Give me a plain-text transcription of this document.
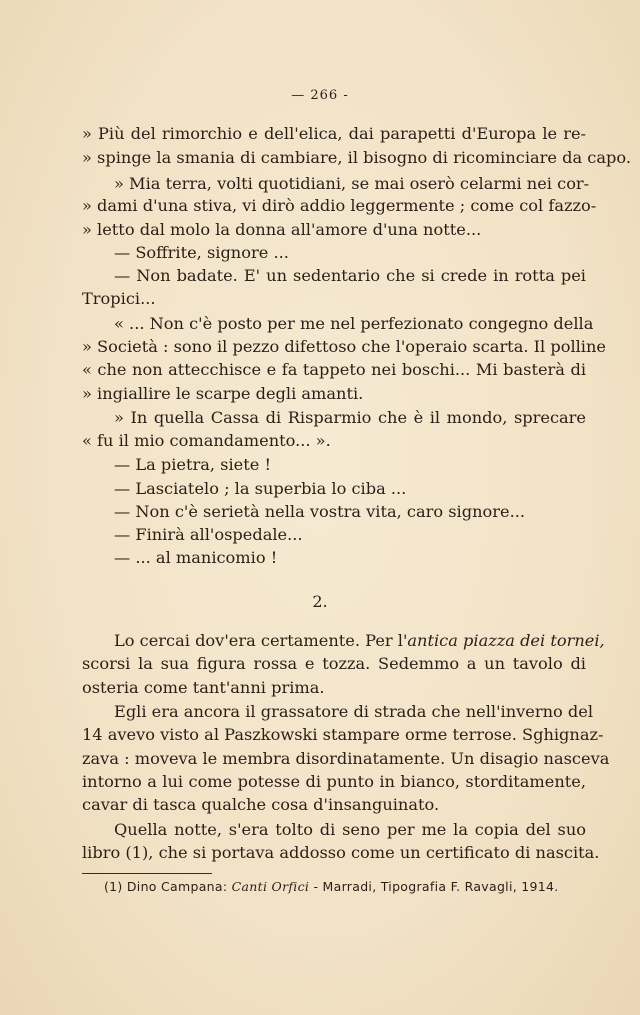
— 266 -
» Più del rimorchio e dell'elica, dai parapetti d'Europa le re-
» spinge la smania di cambiare, il bisogno di ricominciare da capo.
» Mia terra, volti quotidiani, se mai oserò celarmi nei cor-
» dami d'una stiva, vi dirò addio leggermente ; come col fazzo-
» letto dal molo la donna all'amore d'una notte...
— Soffrite, signore ...
— Non badate. E' un sedentario che si crede in rotta pei
Tropici...
« ... Non c'è posto per me nel perfezionato congegno della
» Società : sono il pezzo difettoso che l'operaio scarta. Il polline
« che non attecchisce e fa tappeto nei boschi... Mi basterà di
» ingiallire le scarpe degli amanti.
» In quella Cassa di Risparmio che è il mondo, sprecare
« fu il mio comandamento... ».
— La pietra, siete !
— Lasciatelo ; la superbia lo ciba ...
— Non c'è serietà nella vostra vita, caro signore...
— Finirà all'ospedale...
— ... al manicomio !
2.
Lo cercai dov'era certamente. Per l'antica piazza dei tornei,
scorsi la sua figura rossa e tozza. Sedemmo a un tavolo di
osteria come tant'anni prima.
Egli era ancora il grassatore di strada che nell'inverno del
14 avevo visto al Paszkowski stampare orme terrose. Sghignaz-
zava : moveva le membra disordinatamente. Un disagio nasceva
intorno a lui come potesse di punto in bianco, storditamente,
cavar di tasca qualche cosa d'insanguinato.
Quella notte, s'era tolto di seno per me la copia del suo
libro (1), che si portava addosso come un certificato di nascita.
(1) Dino Campana: Canti Orfici - Marradi, Tipografia F. Ravagli, 1914.
